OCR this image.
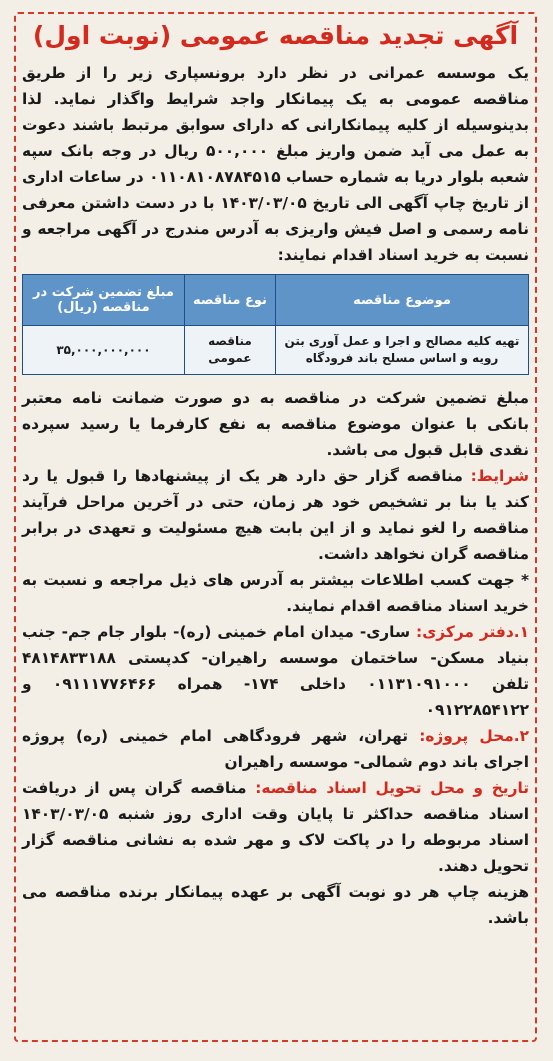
آگهی تجدید مناقصه عمومی (نوبت اول)

یک موسسه عمرانی در نظر دارد برونسپاری زیر را از طریق مناقصه عمومی به یک پیمانکار واجد شرایط واگذار نماید. لذا بدینوسیله از کلیه پیمانکارانی که دارای سوابق مرتبط باشند دعوت به عمل می آید ضمن واریز مبلغ ۵۰۰,۰۰۰ ریال در وجه بانک سپه شعبه بلوار دریا به شماره حساب ۰۱۱۰۸۱۰۸۷۸۴۵۱۵ در ساعات اداری از تاریخ چاپ آگهی الی تاریخ ۱۴۰۳/۰۳/۰۵ با در دست داشتن معرفی نامه رسمی و اصل فیش واریزی به آدرس مندرج در آگهی مراجعه و نسبت به خرید اسناد اقدام نمایند:

موضوع مناقصه	نوع مناقصه	مبلغ تضمین شرکت در مناقصه (ریال)
تهیه کلیه مصالح و اجرا و عمل آوری بتن رویه و اساس مسلح باند فرودگاه	مناقصه عمومی	۳۵,۰۰۰,۰۰۰,۰۰۰

مبلغ تضمین شرکت در مناقصه به دو صورت ضمانت نامه معتبر بانکی با عنوان موضوع مناقصه به نفع کارفرما یا رسید سپرده نقدی قابل قبول می باشد.

شرایط: مناقصه گزار حق دارد هر یک از پیشنهادها را قبول یا رد کند یا بنا بر تشخیص خود هر زمان، حتی در آخرین مراحل فرآیند مناقصه را لغو نماید و از این بابت هیچ مسئولیت و تعهدی در برابر مناقصه گران نخواهد داشت.

* جهت کسب اطلاعات بیشتر به آدرس های ذیل مراجعه و نسبت به خرید اسناد مناقصه اقدام نمایند.

۱.دفتر مرکزی: ساری- میدان امام خمینی (ره)- بلوار جام جم- جنب بنیاد مسکن- ساختمان موسسه راهیران- کدپستی ۴۸۱۴۸۳۳۱۸۸ تلفن ۰۱۱۳۱۰۹۱۰۰۰ داخلی ۱۷۴- همراه ۰۹۱۱۱۷۷۶۴۶۶ و ۰۹۱۲۲۸۵۴۱۲۲

۲.محل پروژه: تهران، شهر فرودگاهی امام خمینی (ره) پروژه اجرای باند دوم شمالی- موسسه راهیران

تاریخ و محل تحویل اسناد مناقصه: مناقصه گران پس از دریافت اسناد مناقصه حداکثر تا پایان وقت اداری روز شنبه ۱۴۰۳/۰۳/۰۵ اسناد مربوطه را در پاکت لاک و مهر شده به نشانی مناقصه گزار تحویل دهند.

هزینه چاپ هر دو نوبت آگهی بر عهده پیمانکار برنده مناقصه می باشد.
